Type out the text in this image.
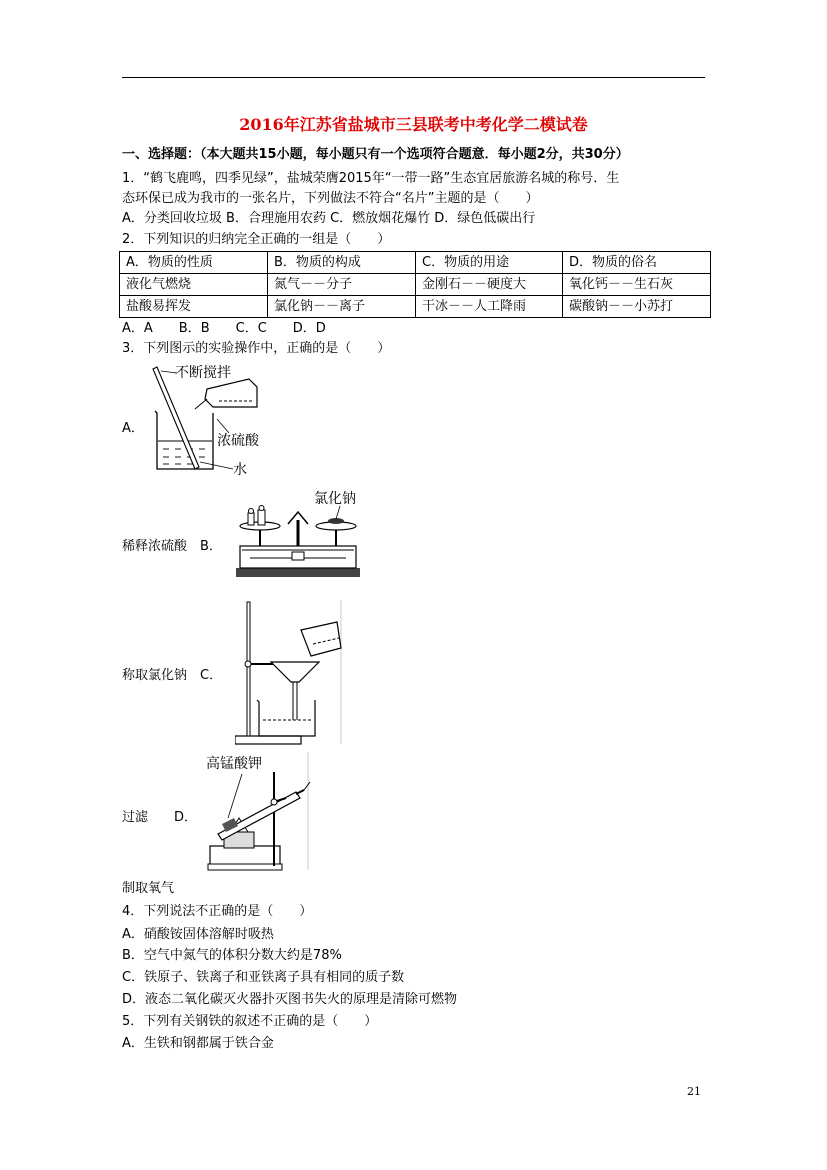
2016年江苏省盐城市三县联考中考化学二模试卷
一、选择题：（本大题共15小题，每小题只有一个选项符合题意．每小题2分，共30分）
1．“鹤飞鹿鸣，四季见绿”，盐城荣膺2015年“一带一路”生态宜居旅游名城的称号．生
态环保已成为我市的一张名片，下列做法不符合“名片”主题的是（　　）
A．分类回收垃圾 B．合理施用农药 C．燃放烟花爆竹 D．绿色低碳出行
2．下列知识的归纳完全正确的一组是（　　）
A．物质的性质	B．物质的构成	C．物质的用途	D．物质的俗名
液化气燃烧	氮气－－分子	金刚石－－硬度大	氧化钙－－生石灰
盐酸易挥发	氯化钠－－离子	干冰－－人工降雨	碳酸钠－－小苏打
A．A　　B．B　　C．C　　D．D
3．下列图示的实验操作中，正确的是（　　）
A．
不断搅拌
浓硫酸
水
稀释浓硫酸　B．
氯化钠
称取氯化钠　C．
过滤　　D．
高锰酸钾
制取氧气
4．下列说法不正确的是（　　）
A．硝酸铵固体溶解时吸热
B．空气中氮气的体积分数大约是78%
C．铁原子、铁离子和亚铁离子具有相同的质子数
D．液态二氧化碳灭火器扑灭图书失火的原理是清除可燃物
5．下列有关钢铁的叙述不正确的是（　　）
A．生铁和钢都属于铁合金
21
